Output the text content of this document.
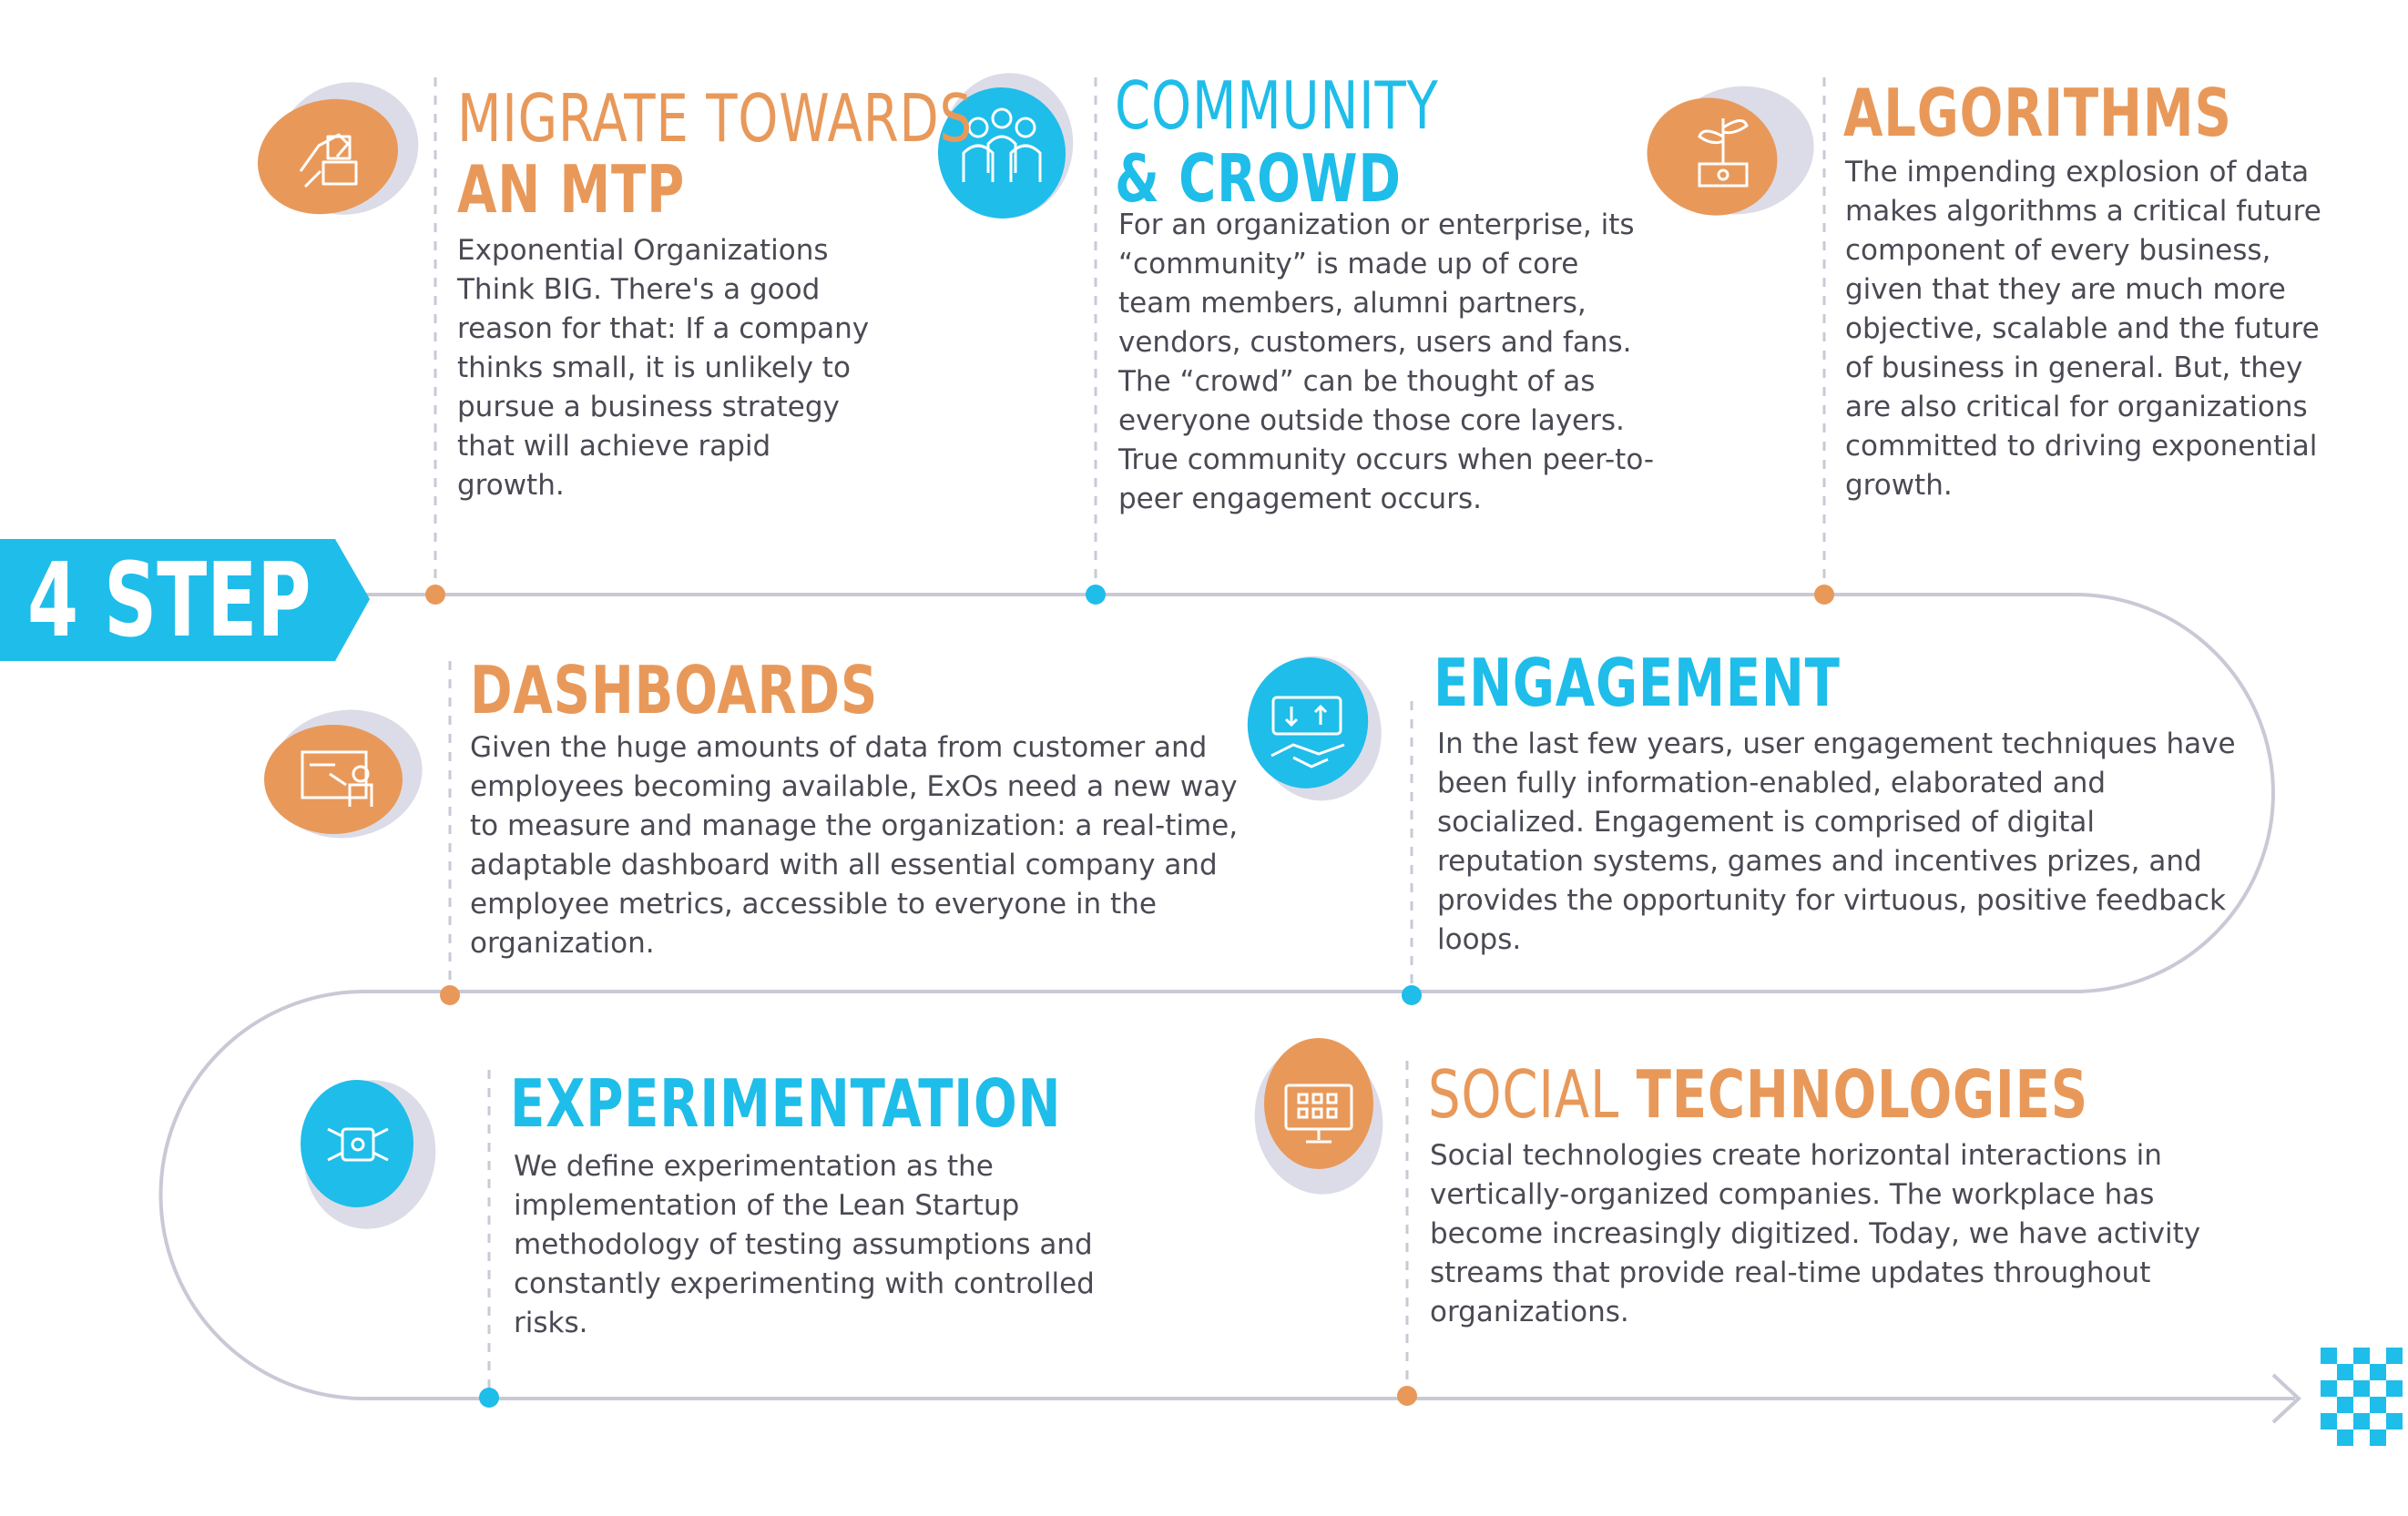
4 STEP
MIGRATE TOWARDS
AN MTP

Exponential Organizations Think BIG. There's a good reason for that: If a company thinks small, it is unlikely to pursue a business strategy that will achieve rapid growth.

COMMUNITY
& CROWD

For an organization or enterprise, its “community” is made up of core team members, alumni partners, vendors, customers, users and fans. The “crowd” can be thought of as everyone outside those core layers. True community occurs when peer-to-peer engagement occurs.

ALGORITHMS

The impending explosion of data makes algorithms a critical future component of every business, given that they are much more objective, scalable and the future of business in general. But, they are also critical for organizations committed to driving exponential growth.

DASHBOARDS

Given the huge amounts of data from customer and employees becoming available, ExOs need a new way to measure and manage the organization: a real-time, adaptable dashboard with all essential company and employee metrics, accessible to everyone in the organization.

ENGAGEMENT

In the last few years, user engagement techniques have been fully information-enabled, elaborated and socialized. Engagement is comprised of digital reputation systems, games and incentives prizes, and provides the opportunity for virtuous, positive feedback loops.

EXPERIMENTATION

We define experimentation as the implementation of the Lean Startup methodology of testing assumptions and constantly experimenting with controlled risks.

SOCIAL TECHNOLOGIES

Social technologies create horizontal interactions in vertically-organized companies. The workplace has become increasingly digitized. Today, we have activity streams that provide real-time updates throughout organizations.
